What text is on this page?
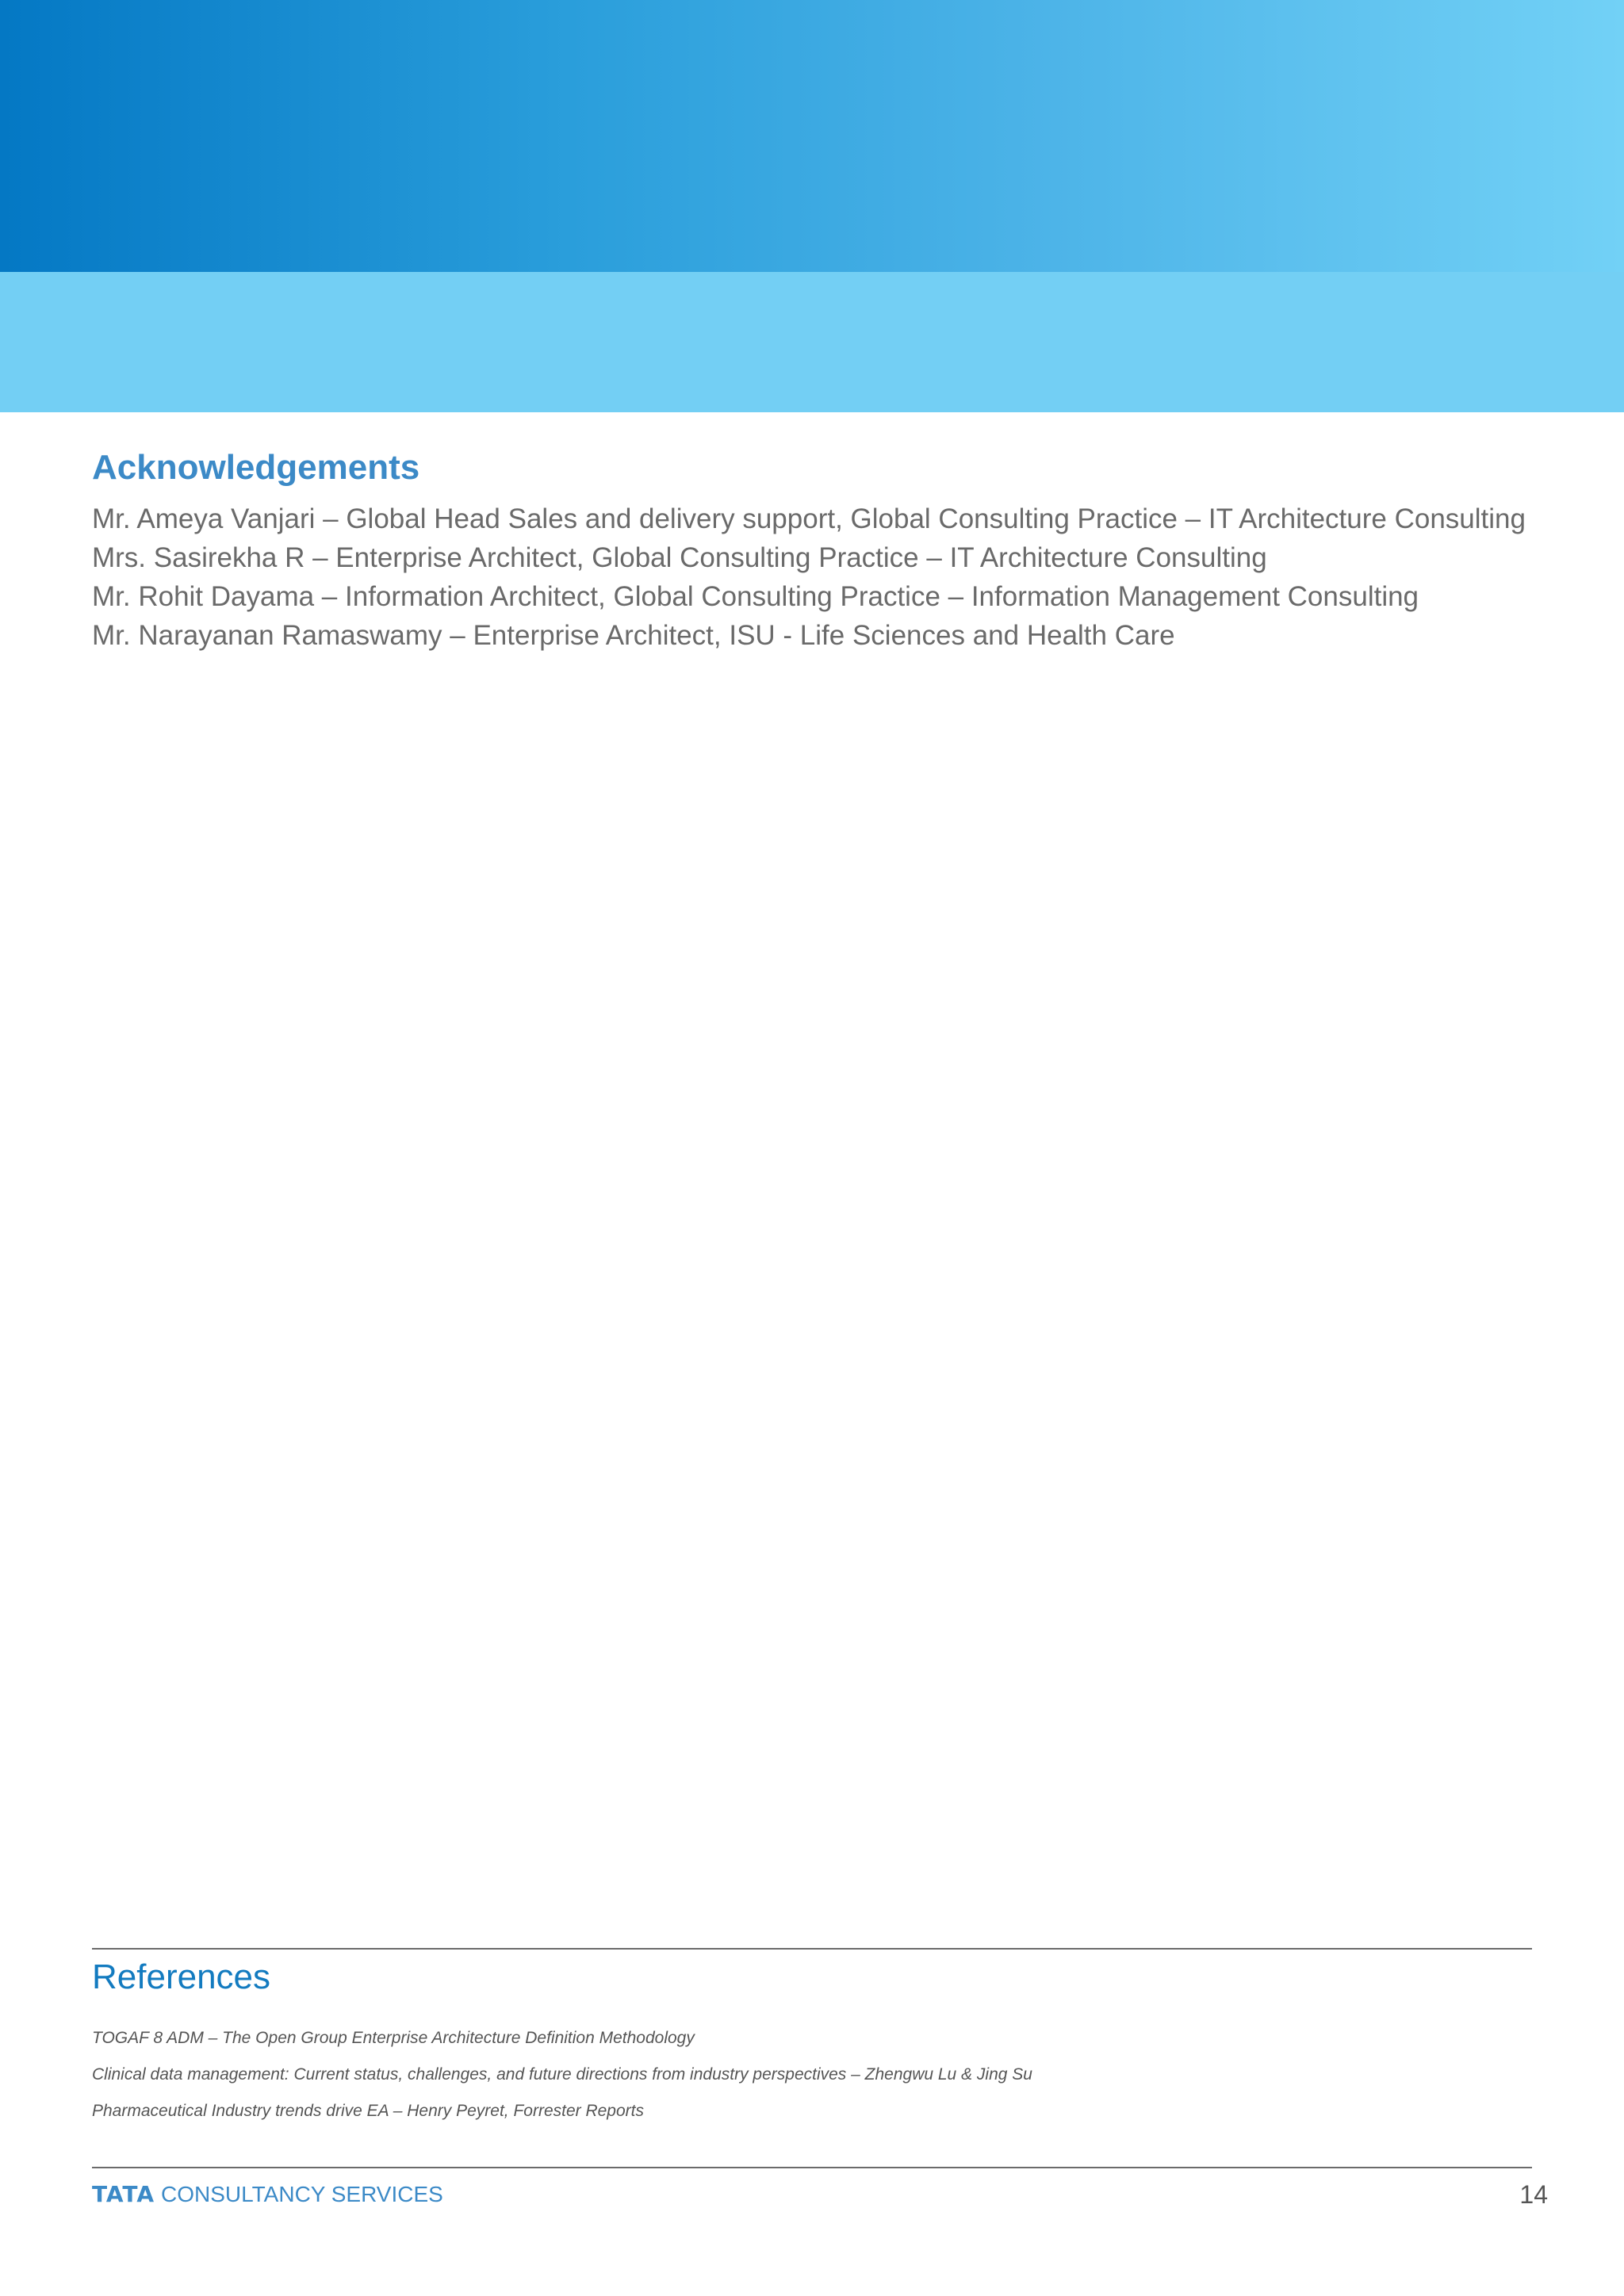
Acknowledgements
Mr. Ameya Vanjari – Global Head Sales and delivery support, Global Consulting Practice – IT Architecture Consulting
Mrs. Sasirekha R – Enterprise Architect, Global Consulting Practice – IT Architecture Consulting
Mr. Rohit Dayama – Information Architect, Global Consulting Practice – Information Management Consulting
Mr. Narayanan Ramaswamy – Enterprise Architect, ISU - Life Sciences and Health Care
References
TOGAF 8 ADM – The Open Group Enterprise Architecture Definition Methodology
Clinical data management: Current status, challenges, and future directions from industry perspectives – Zhengwu Lu & Jing Su
Pharmaceutical Industry trends drive EA – Henry Peyret, Forrester Reports
TATA CONSULTANCY SERVICES	14
